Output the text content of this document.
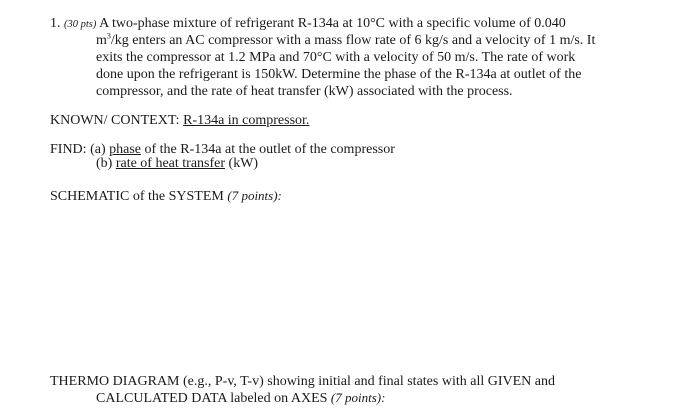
1. (30 pts) A two-phase mixture of refrigerant R-134a at 10°C with a specific volume of 0.040
$m^3/kg$ enters an AC compressor with a mass flow rate of 6 kg/s and a velocity of 1 m/s. It
exits the compressor at 1.2 MPa and 70°C with a velocity of 50 m/s. The rate of work
done upon the refrigerant is 150kW. Determine the phase of the R-134a at outlet of the
compressor, and the rate of heat transfer (kW) associated with the process.
KNOWN/ CONTEXT: R-134a in compressor.
FIND: (a) phase of the R-134a at the outlet of the compressor
(b) rate of heat transfer (kW)
SCHEMATIC of the SYSTEM (7 points):
THERMO DIAGRAM (e.g., P-v, T-v) showing initial and final states with all GIVEN and
CALCULATED DATA labeled on AXES (7 points):
